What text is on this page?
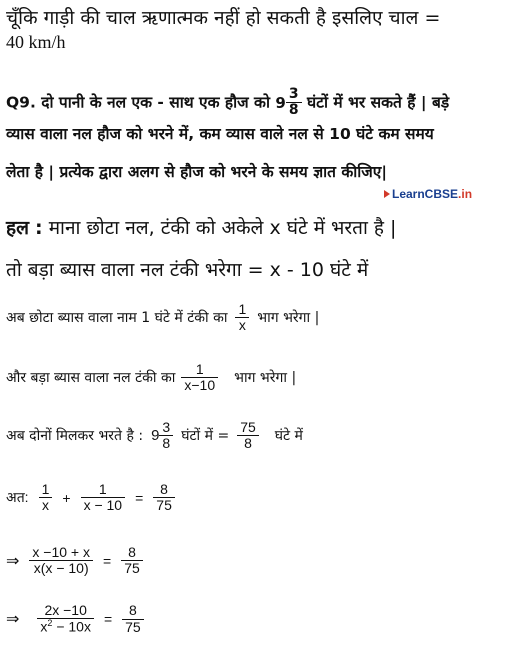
चूँकि गाड़ी की चाल ऋणात्मक नहीं हो सकती है इसलिए चाल =
40 km/h
Q9. दो पानी के नल एक - साथ एक हौज को $9 \frac{3}{8}$ घंटों में भर सकते हैं | बड़े
व्यास वाला नल हौज को भरने में, कम व्यास वाले नल से 10 घंटे कम समय
लेता है | प्रत्येक द्वारा अलग से हौज को भरने के समय ज्ञात कीजिए|
LearnCBSE.in
हल : माना छोटा नल, टंकी को अकेले x घंटे में भरता है |
तो बड़ा ब्यास वाला नल टंकी भरेगा = x - 10 घंटे में
अब छोटा ब्यास वाला नाम 1 घंटे में टंकी का $\frac{1}{x}$ भाग भरेगा |
और बड़ा ब्यास वाला नल टंकी का $\frac{1}{x-10}$ भाग भरेगा |
अब दोनों मिलकर भरते है : $9 \frac{3}{8}$ घंटों में = $\frac{75}{8}$ घंटे में
अत: $\frac{1}{x} + \frac{1}{x - 10} = \frac{8}{75}$
⇒ $\frac{x -10 + x}{x(x - 10)} = \frac{8}{75}$
⇒ $\frac{2x -10}{x^2 - 10x} = \frac{8}{75}$
